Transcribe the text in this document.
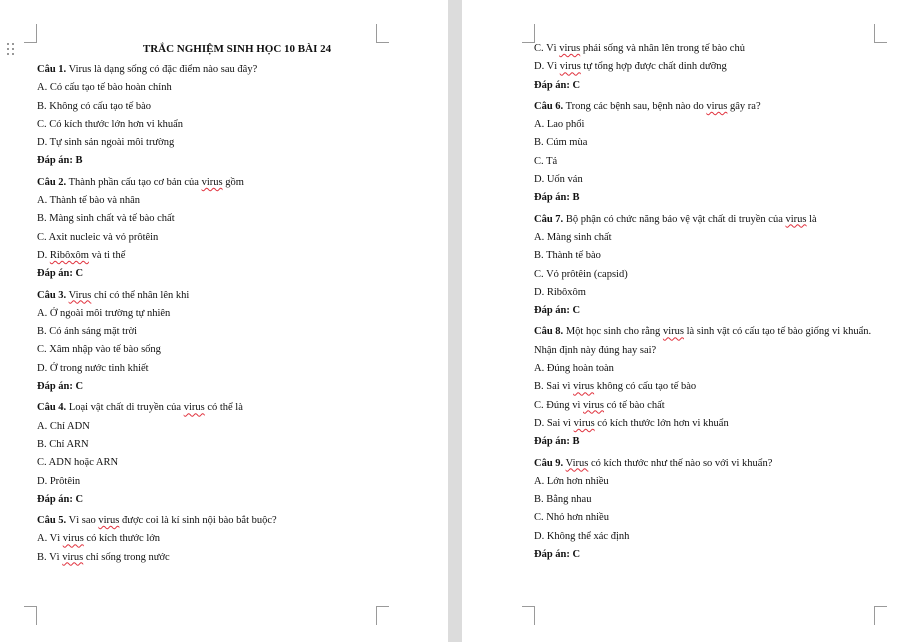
TRẮC NGHIỆM SINH HỌC 10 BÀI 24
Câu 1. Virus là dạng sống có đặc điểm nào sau đây?
A. Có cấu tạo tế bào hoàn chỉnh
B. Không có cấu tạo tế bào
C. Có kích thước lớn hơn vi khuẩn
D. Tự sinh sản ngoài môi trường
Đáp án: B
Câu 2. Thành phần cấu tạo cơ bản của virus gồm
A. Thành tế bào và nhân
B. Màng sinh chất và tế bào chất
C. Axit nucleic và vỏ prôtêin
D. Ribôxôm và ti thể
Đáp án: C
Câu 3. Virus chỉ có thể nhân lên khi
A. Ở ngoài môi trường tự nhiên
B. Có ánh sáng mặt trời
C. Xâm nhập vào tế bào sống
D. Ở trong nước tinh khiết
Đáp án: C
Câu 4. Loại vật chất di truyền của virus có thể là
A. Chỉ ADN
B. Chỉ ARN
C. ADN hoặc ARN
D. Prôtêin
Đáp án: C
Câu 5. Vì sao virus được coi là kí sinh nội bào bắt buộc?
A. Vì virus có kích thước lớn
B. Vì virus chỉ sống trong nước
C. Vì virus phải sống và nhân lên trong tế bào chủ
D. Vì virus tự tổng hợp được chất dinh dưỡng
Đáp án: C
Câu 6. Trong các bệnh sau, bệnh nào do virus gây ra?
A. Lao phổi
B. Cúm mùa
C. Tả
D. Uốn ván
Đáp án: B
Câu 7. Bộ phận có chức năng bảo vệ vật chất di truyền của virus là
A. Màng sinh chất
B. Thành tế bào
C. Vỏ prôtêin (capsid)
D. Ribôxôm
Đáp án: C
Câu 8. Một học sinh cho rằng virus là sinh vật có cấu tạo tế bào giống vi khuẩn.
Nhận định này đúng hay sai?
A. Đúng hoàn toàn
B. Sai vì virus không có cấu tạo tế bào
C. Đúng vì virus có tế bào chất
D. Sai vì virus có kích thước lớn hơn vi khuẩn
Đáp án: B
Câu 9. Virus có kích thước như thế nào so với vi khuẩn?
A. Lớn hơn nhiều
B. Bằng nhau
C. Nhỏ hơn nhiều
D. Không thể xác định
Đáp án: C
